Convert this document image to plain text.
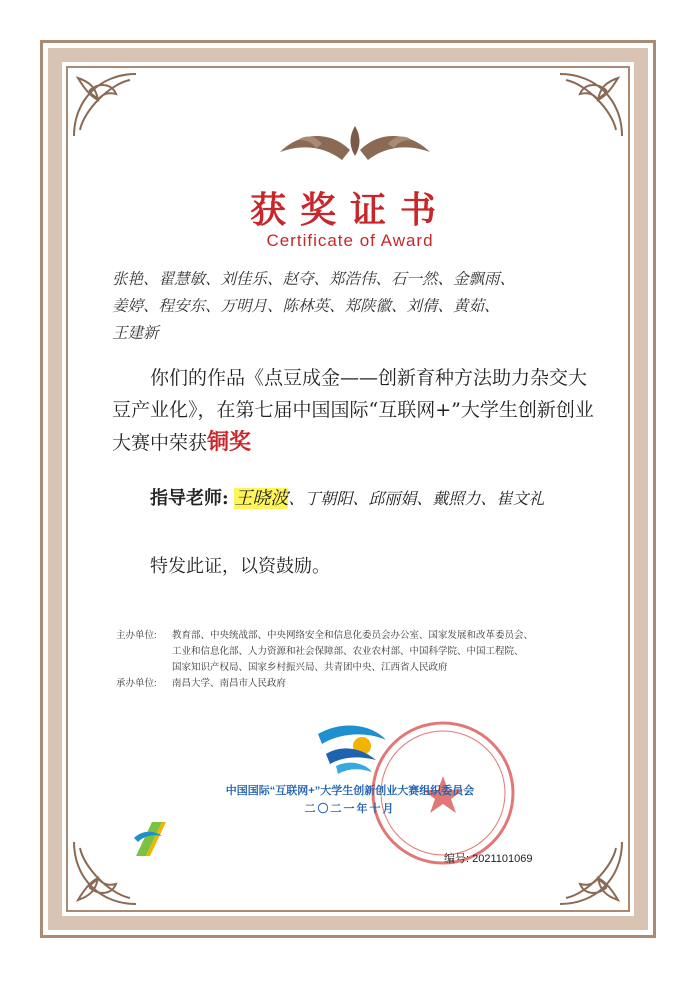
获奖证书
Certificate of Award
张艳、翟慧敏、刘佳乐、赵夺、郑浩伟、石一然、金飘雨、
姜婷、程安东、万明月、陈林英、郑陕徽、刘倩、黄茹、
王建新
你们的作品《点豆成金——创新育种方法助力杂交大豆产业化》，在第七届中国国际“互联网+”大学生创新创业大赛中荣获铜奖
指导老师: 王晓波、丁朝阳、邱丽娟、戴照力、崔文礼
特发此证，以资鼓励。
主办单位:	教育部、中央统战部、中央网络安全和信息化委员会办公室、国家发展和改革委员会、
工业和信息化部、人力资源和社会保障部、农业农村部、中国科学院、中国工程院、
国家知识产权局、国家乡村振兴局、共青团中央、江西省人民政府
承办单位:	南昌大学、南昌市人民政府
中国国际“互联网+”大学生创新创业大赛组织委员会
二〇二一年十月
编号: 2021101069
